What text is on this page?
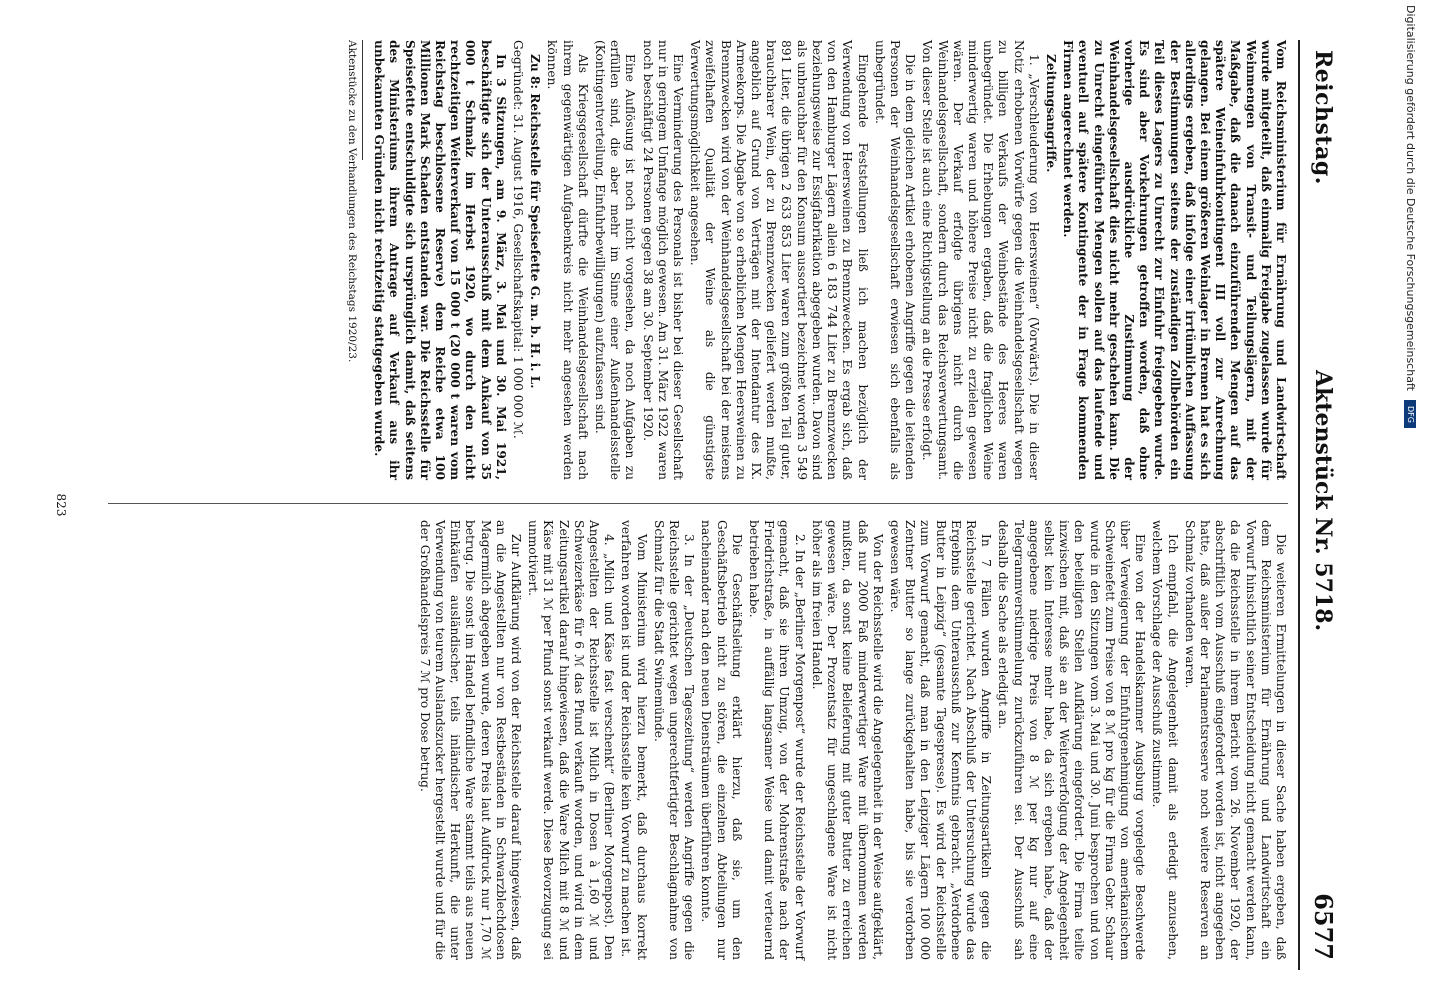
Reichstag.
Aktenstück Nr. 5718.
6577

Vom Reichsministerium für Ernährung und Landwirtschaft wurde mitgeteilt, daß einmalig Freigabe zugelassen wurde für Weinmengen von Transit- und Teilungslägern, mit der Maßgabe, daß die danach einzuführenden Mengen auf das spätere Weineinfuhrkontingent III voll zur Anrechnung gelangen. Bei einem größeren Weinlager in Bremen hat es sich allerdings ergeben, daß infolge einer irrtümlichen Auffassung der Bestimmungen seitens der zuständigen Zollbehörden ein Teil dieses Lagers zu Unrecht zur Einfuhr freigegeben wurde. Es sind aber Vorkehrungen getroffen worden, daß ohne vorherige ausdrückliche Zustimmung der Weinhandelsgesellschaft dies nicht mehr geschehen kann. Die zu Unrecht eingeführten Mengen sollen auf das laufende und eventuell auf spätere Kontingente der in Frage kommenden Firmen angerechnet werden.

Zeitungsangriffe.

1. „Verschleuderung von Heersweinen“ (Vorwärts). Die in dieser Notiz erhobenen Vorwürfe gegen die Weinhandelsgesellschaft wegen zu billigen Verkaufs der Weinbestände des Heeres waren unbegründet. Die Erhebungen ergaben, daß die fraglichen Weine minderwertig waren und höhere Preise nicht zu erzielen gewesen wären. Der Verkauf erfolgte übrigens nicht durch die Weinhandelsgesellschaft, sondern durch das Reichsverwertungsamt. Von dieser Stelle ist auch eine Richtigstellung an die Presse erfolgt.

Die in dem gleichen Artikel erhobenen Angriffe gegen die leitenden Personen der Weinhandelsgesellschaft erwiesen sich ebenfalls als unbegründet.

Eingehende Feststellungen ließ ich machen bezüglich der Verwendung von Heersweinen zu Brennzwecken. Es ergab sich, daß von den Hamburger Lägern allein 6 183 744 Liter zu Brennzwecken beziehungsweise zur Essigfabrikation abgegeben wurden. Davon sind als unbrauchbar für den Konsum aussortiert bezeichnet worden 3 549 891 Liter, die übrigen 2 633 853 Liter waren zum größten Teil guter, brauchbarer Wein, der zu Brennzwecken geliefert werden mußte, angeblich auf Grund von Verträgen mit der Intendantur des IX. Armeekorps. Die Abgabe von so erheblichen Mengen Heersweinen zu Brennzwecken wird von der Weinhandelsgesellschaft bei der meistens zweifelhaften Qualität der Weine als die günstigste Verwertungsmöglichkeit angesehen.

Eine Verminderung des Personals ist bisher bei dieser Gesellschaft nur in geringem Umfange möglich gewesen. Am 31. März 1922 waren noch beschäftigt 24 Personen gegen 38 am 30. September 1920.

Eine Auflösung ist noch nicht vorgesehen, da noch Aufgaben zu erfüllen sind, die aber mehr im Sinne einer Außenhandelsstelle (Kontingentverteilung, Einfuhrbewilligungen) aufzufassen sind.

Als Kriegsgesellschaft dürfte die Weinhandelsgesellschaft nach ihrem gegenwärtigen Aufgabenkreis nicht mehr angesehen werden können.

Zu 8: Reichsstelle für Speisefette G. m. b. H. i. L.

Gegründet: 31. August 1916, Gesellschaftskapital: 1 000 000 ℳ.

In 3 Sitzungen, am 9. März, 3. Mai und 30. Mai 1921, beschäftigte sich der Unterausschuß mit dem Ankauf von 35 000 t Schmalz im Herbst 1920, wo durch den nicht rechtzeitigen Weiterverkauf von 15 000 t (20 000 t waren vom Reichstag beschlossene Reserve) dem Reiche etwa 100 Millionen Mark Schaden entstanden war. Die Reichsstelle für Speisefette entschuldigte sich ursprünglich damit, daß seitens des Ministeriums ihrem Antrage auf Verkauf aus ihr unbekannten Gründen nicht rechtzeitig stattgegeben wurde.

Aktenstücke zu den Verhandlungen des Reichstags 1920/23.

Die weiteren Ermittelungen in dieser Sache haben ergeben, daß dem Reichsministerium für Ernährung und Landwirtschaft ein Vorwurf hinsichtlich seiner Entscheidung nicht gemacht werden kann, da die Reichsstelle in ihrem Bericht vom 26. November 1920, der abschriftlich vom Ausschuß eingefordert worden ist, nicht angegeben hatte, daß außer der Parlamentsreserve noch weitere Reserven an Schmalz vorhanden waren.

Ich empfahl, die Angelegenheit damit als erledigt anzusehen, welchem Vorschlage der Ausschuß zustimmte.

Eine von der Handelskammer Augsburg vorgelegte Beschwerde über Verweigerung der Einfuhrgenehmigung von amerikanischem Schweinefett zum Preise von 8 ℳ pro kg für die Firma Gebr. Schaur wurde in den Sitzungen vom 3. Mai und 30. Juni besprochen und von den beteiligten Stellen Aufklärung eingefordert. Die Firma teilte inzwischen mit, daß sie an der Weiterverfolgung der Angelegenheit selbst kein Interesse mehr habe, da sich ergeben habe, daß der angegebene niedrige Preis von 8 ℳ per kg nur auf eine Telegrammverstümmelung zurückzuführen sei. Der Ausschuß sah deshalb die Sache als erledigt an.

In 7 Fällen wurden Angriffe in Zeitungsartikeln gegen die Reichsstelle gerichtet. Nach Abschluß der Untersuchung wurde das Ergebnis dem Unterausschuß zur Kenntnis gebracht. „Verdorbene Butter in Leipzig“ (gesamte Tagespresse). Es wird der Reichsstelle zum Vorwurf gemacht, daß man in den Leipziger Lägern 100 000 Zentner Butter so lange zurückgehalten habe, bis sie verdorben gewesen wäre.

Von der Reichsstelle wird die Angelegenheit in der Weise aufgeklärt, daß nur 2000 Faß minderwertiger Ware mit übernommen werden mußten, da sonst keine Belieferung mit guter Butter zu erreichen gewesen wäre. Der Prozentsatz für ungeschlagene Ware ist nicht höher als im freien Handel.

2. In der „Berliner Morgenpost“ wurde der Reichsstelle der Vorwurf gemacht, daß sie ihren Umzug, von der Mohrenstraße nach der Friedrichstraße, in auffällig langsamer Weise und damit verteuernd betrieben habe.

Die Geschäftsleitung erklärt hierzu, daß sie, um den Geschäftsbetrieb nicht zu stören, die einzelnen Abteilungen nur nacheinander nach den neuen Diensträumen überführen konnte.

3. In der „Deutschen Tageszeitung“ werden Angriffe gegen die Reichsstelle gerichtet wegen ungerechtfertigter Beschlagnahme von Schmalz für die Stadt Swinemünde.

Vom Ministerium wird hierzu bemerkt, daß durchaus korrekt verfahren worden ist und der Reichsstelle kein Vorwurf zu machen ist.

4. „Milch und Käse fast verschenkt“ (Berliner Morgenpost). Den Angestellten der Reichsstelle ist Milch in Dosen à 1,60 ℳ und Schweizerkäse für 6 ℳ das Pfund verkauft worden, und wird in dem Zeitungsartikel darauf hingewiesen, daß die Ware Milch mit 8 ℳ und Käse mit 31 ℳ per Pfund sonst verkauft werde. Diese Bevorzugung sei unmotiviert.

Zur Aufklärung wird von der Reichsstelle darauf hingewiesen, daß an die Angestellten nur von Restbeständen in Schwarzblechdosen Magermilch abgegeben wurde, deren Preis laut Aufdruck nur 1,70 ℳ betrug. Die sonst im Handel befindliche Ware stammt teils aus neuen Einkäufen ausländischer, teils inländischer Herkunft, die unter Verwendung von teurem Auslandszucker hergestellt wurde und für die der Großhandelspreis 7 ℳ pro Dose betrug.

823
Digitalisierung gefördert durch die Deutsche Forschungsgemeinschaft DFG
